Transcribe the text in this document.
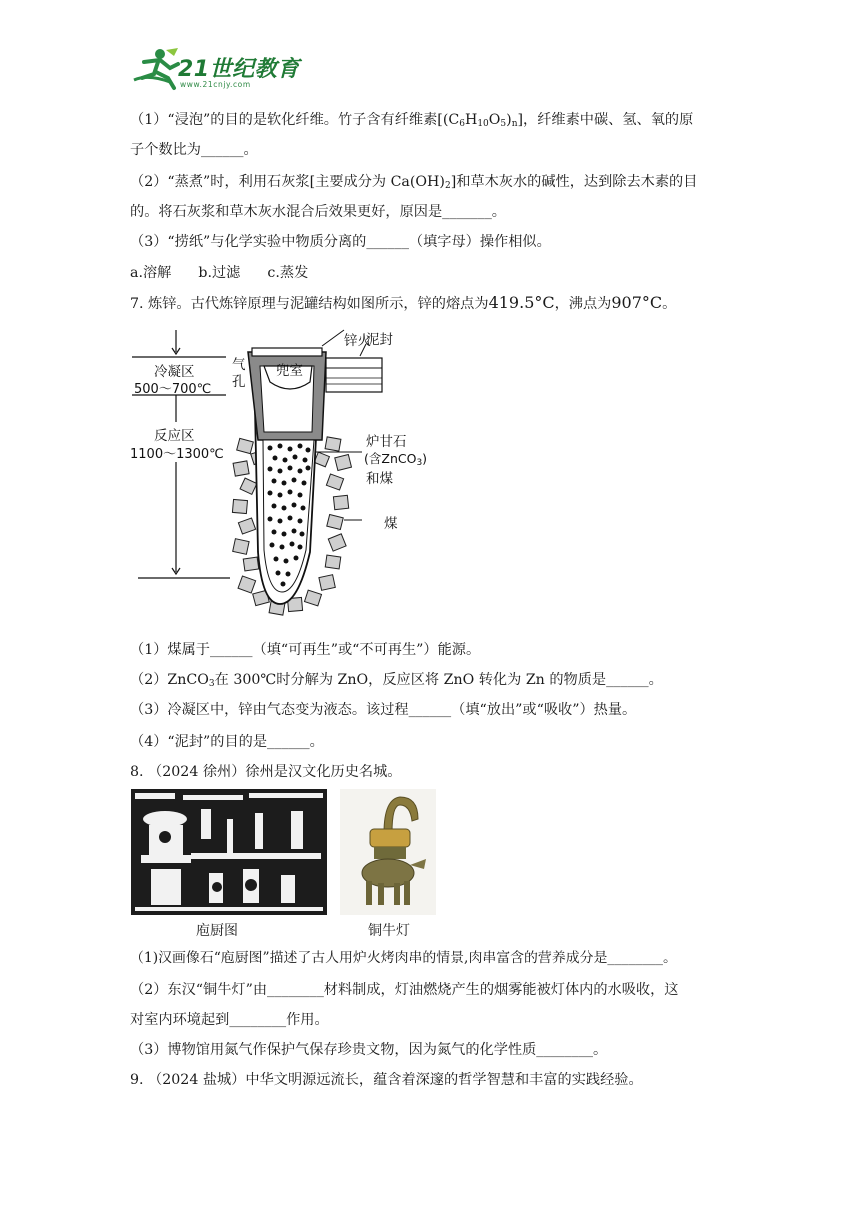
21世纪教育
www.21cnjy.com
（1）“浸泡”的目的是软化纤维。竹子含有纤维素$[(C_6H_{10}O_5)_n]$，纤维素中碳、氢、氧的原
子个数比为______。
（2）“蒸煮”时，利用石灰浆[主要成分为 $Ca(OH)_2$]和草木灰水的碱性，达到除去木素的目
的。将石灰浆和草木灰水混合后效果更好，原因是_______。
（3）“捞纸”与化学实验中物质分离的______（填字母）操作相似。
a.溶解      b.过滤      c.蒸发
7. 炼锌。古代炼锌原理与泥罐结构如图所示，锌的熔点为419.5°C，沸点为907°C。
冷凝区
500～700℃
反应区
1100～1300℃
气
孔
兜室
锌火
泥封
炉甘石
(含ZnCO$_3$)
和煤
煤
（1）煤属于______（填“可再生”或“不可再生”）能源。
（2）ZnCO$_3$在 300℃时分解为 ZnO，反应区将 ZnO 转化为 Zn 的物质是______。
（3）冷凝区中，锌由气态变为液态。该过程______（填“放出”或“吸收”）热量。
（4）“泥封”的目的是______。
8. （2024 徐州）徐州是汉文化历史名城。
庖厨图	铜牛灯
（1)汉画像石“庖厨图”描述了古人用炉火烤肉串的情景,肉串富含的营养成分是________。
（2）东汉“铜牛灯”由________材料制成，灯油燃烧产生的烟雾能被灯体内的水吸收，这
对室内环境起到________作用。
（3）博物馆用氮气作保护气保存珍贵文物，因为氮气的化学性质________。
9. （2024 盐城）中华文明源远流长，蕴含着深邃的哲学智慧和丰富的实践经验。
